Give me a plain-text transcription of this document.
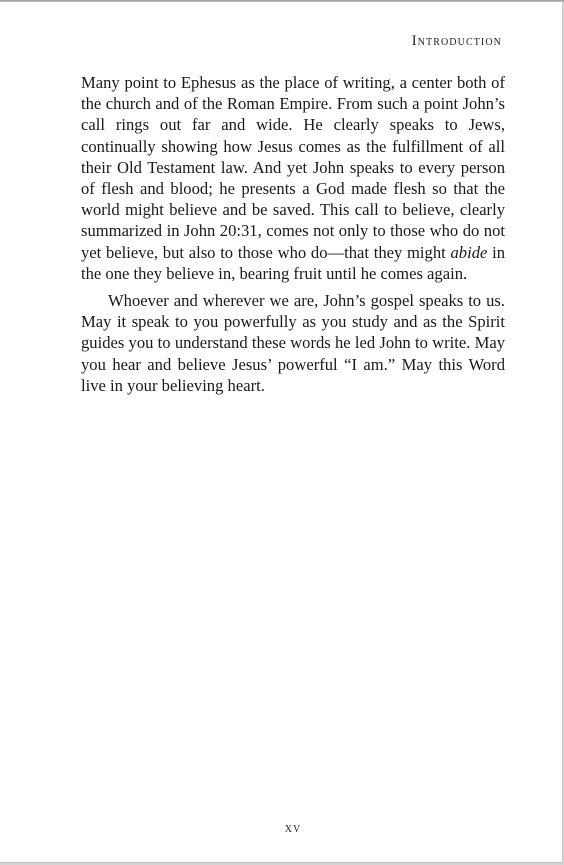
Introduction

Many point to Ephesus as the place of writing, a center both of the church and of the Roman Empire. From such a point John’s call rings out far and wide. He clearly speaks to Jews, continually showing how Jesus comes as the fulfillment of all their Old Testament law. And yet John speaks to every person of flesh and blood; he presents a God made flesh so that the world might believe and be saved. This call to believe, clearly summarized in John 20:31, comes not only to those who do not yet believe, but also to those who do—that they might abide in the one they believe in, bearing fruit until he comes again.

Whoever and wherever we are, John’s gospel speaks to us. May it speak to you powerfully as you study and as the Spirit guides you to understand these words he led John to write. May you hear and believe Jesus’ powerful “I am.” May this Word live in your believing heart.

xv
